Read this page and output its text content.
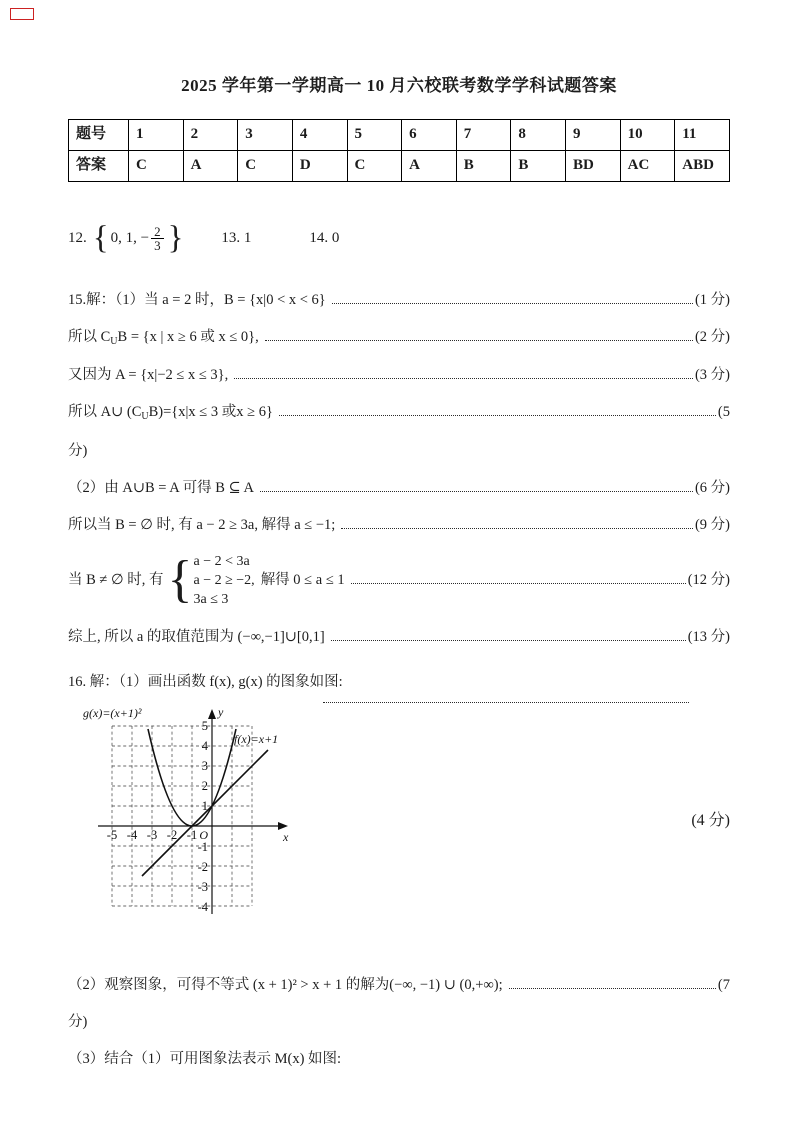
2025 学年第一学期高一 10 月六校联考数学学科试题答案
题号	1	2	3	4	5	6	7	8	9	10	11
答案	C	A	C	D	C	A	B	B	BD	AC	ABD
12. { 0, 1, − $\frac{2}{3}$ }	13. 1	14. 0
15.解：（1）当 a = 2 时，B = {x|0 < x < 6}	(1 分)
所以 $C_UB = \{x$ | x ≥ 6 或 x ≤ 0},	(2 分)
又因为 A = {x|−2 ≤ x ≤ 3},	(3 分)
所以 A∪ $(C_UB)=\{x|x \le 3$ 或x ≥ 6}	(5
分)
（2）由 A∪B = A 可得 B ⊆ A	(6 分)
所以当 B = ∅ 时, 有 a − 2 ≥ 3a, 解得 a ≤ −1;	(9 分)
当 B ≠ ∅ 时, 有{ a − 2 < 3a
a − 2 ≥ −2,
3a ≤ 3
解得 0 ≤ a ≤ 1	(12 分)
综上, 所以 a 的取值范围为 (−∞,−1]∪[0,1]	(13 分)
16. 解：（1）画出函数 f(x), g(x) 的图象如图:
g(x)=(x+1)²
f(x)=x+1
y
x
O
-5 -4 -3 -2 -1
5
4
3
2
1
-1
-2
-3
-4
(4 分)
（2）观察图象，可得不等式 (x + 1)² > x + 1 的解为(−∞, −1) ∪ (0,+∞);	(7
分)
（3）结合（1）可用图象法表示 M(x) 如图:
